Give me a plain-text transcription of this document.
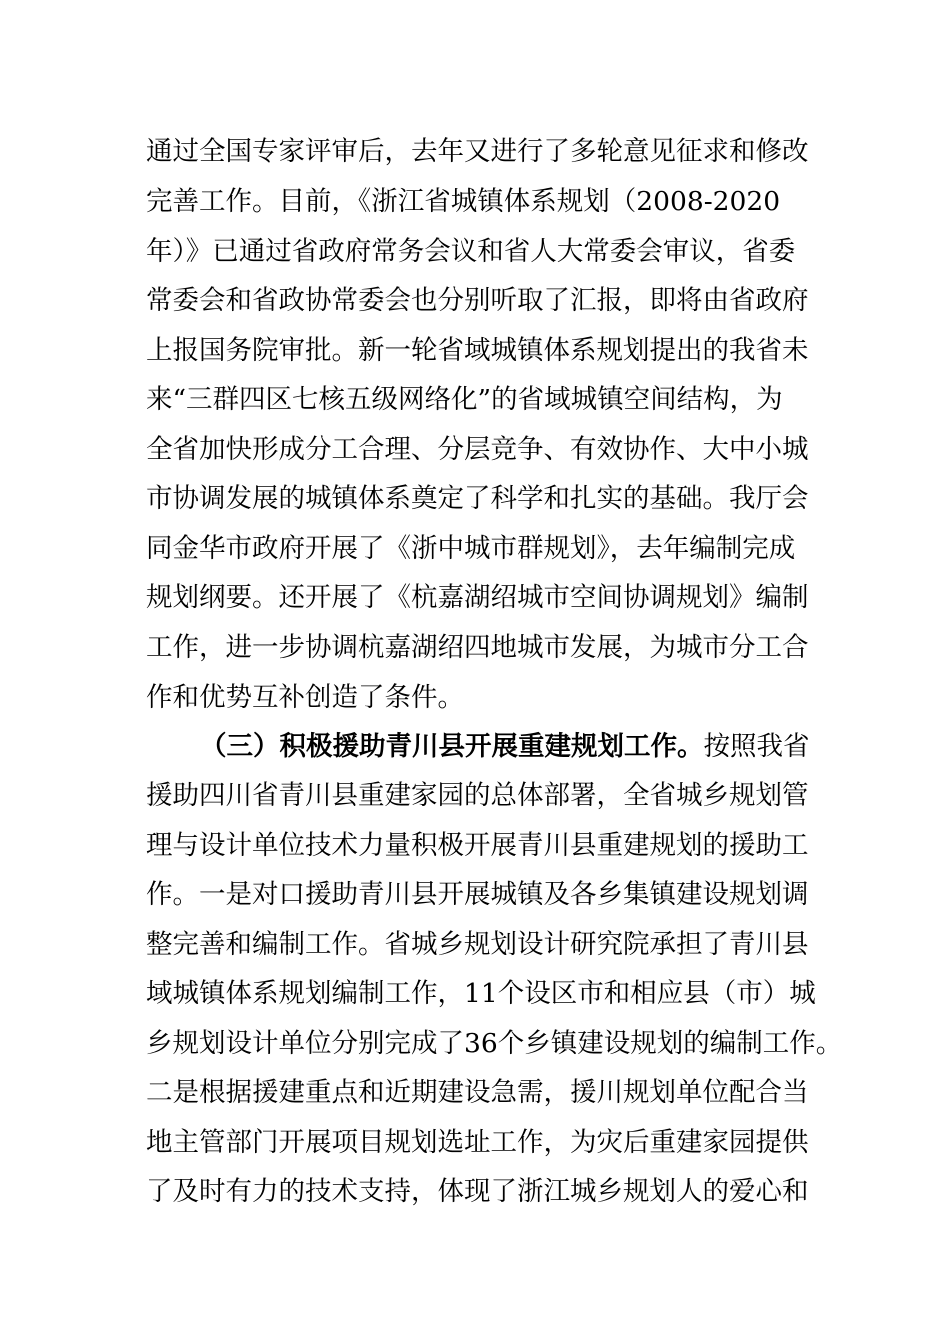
通过全国专家评审后，去年又进行了多轮意见征求和修改
完善工作。目前，《浙江省城镇体系规划（2008-2020
年）》已通过省政府常务会议和省人大常委会审议，省委
常委会和省政协常委会也分别听取了汇报，即将由省政府
上报国务院审批。新一轮省域城镇体系规划提出的我省未
来“三群四区七核五级网络化”的省域城镇空间结构，为
全省加快形成分工合理、分层竞争、有效协作、大中小城
市协调发展的城镇体系奠定了科学和扎实的基础。我厅会
同金华市政府开展了《浙中城市群规划》，去年编制完成
规划纲要。还开展了《杭嘉湖绍城市空间协调规划》编制
工作，进一步协调杭嘉湖绍四地城市发展，为城市分工合
作和优势互补创造了条件。
（三）积极援助青川县开展重建规划工作。按照我省
援助四川省青川县重建家园的总体部署，全省城乡规划管
理与设计单位技术力量积极开展青川县重建规划的援助工
作。一是对口援助青川县开展城镇及各乡集镇建设规划调
整完善和编制工作。省城乡规划设计研究院承担了青川县
域城镇体系规划编制工作，11个设区市和相应县（市）城
乡规划设计单位分别完成了36个乡镇建设规划的编制工作。
二是根据援建重点和近期建设急需，援川规划单位配合当
地主管部门开展项目规划选址工作，为灾后重建家园提供
了及时有力的技术支持，体现了浙江城乡规划人的爱心和
